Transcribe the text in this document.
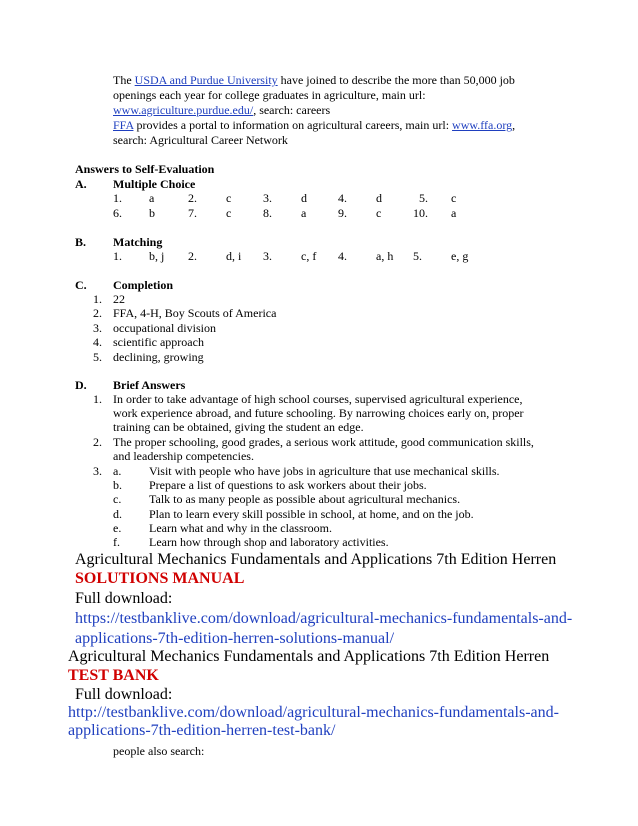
The USDA and Purdue University have joined to describe the more than 50,000 job
openings each year for college graduates in agriculture, main url:
www.agriculture.purdue.edu/, search: careers
FFA provides a portal to information on agricultural careers, main url: www.ffa.org,
search: Agricultural Career Network
Answers to Self-Evaluation
A. Multiple Choice
1. a	2. c	3. d	4. d	5. c
6. b	7. c	8. a	9. c	10. a
B. Matching
1. b, j 2. d, i 3. c, f 4. a, h 5. e, g
C. Completion
1. 22
2. FFA, 4-H, Boy Scouts of America
3. occupational division
4. scientific approach
5. declining, growing
D. Brief Answers
1. In order to take advantage of high school courses, supervised agricultural experience,
work experience abroad, and future schooling. By narrowing choices early on, proper
training can be obtained, giving the student an edge.
2. The proper schooling, good grades, a serious work attitude, good communication skills,
and leadership competencies.
3. a. Visit with people who have jobs in agriculture that use mechanical skills.
b. Prepare a list of questions to ask workers about their jobs.
c. Talk to as many people as possible about agricultural mechanics.
d. Plan to learn every skill possible in school, at home, and on the job.
e. Learn what and why in the classroom.
f. Learn how through shop and laboratory activities.
Agricultural Mechanics Fundamentals and Applications 7th Edition Herren
SOLUTIONS MANUAL
Full download:
https://testbanklive.com/download/agricultural-mechanics-fundamentals-and-
applications-7th-edition-herren-solutions-manual/
Agricultural Mechanics Fundamentals and Applications 7th Edition Herren
TEST BANK
Full download:
http://testbanklive.com/download/agricultural-mechanics-fundamentals-and-
applications-7th-edition-herren-test-bank/
people also search:
